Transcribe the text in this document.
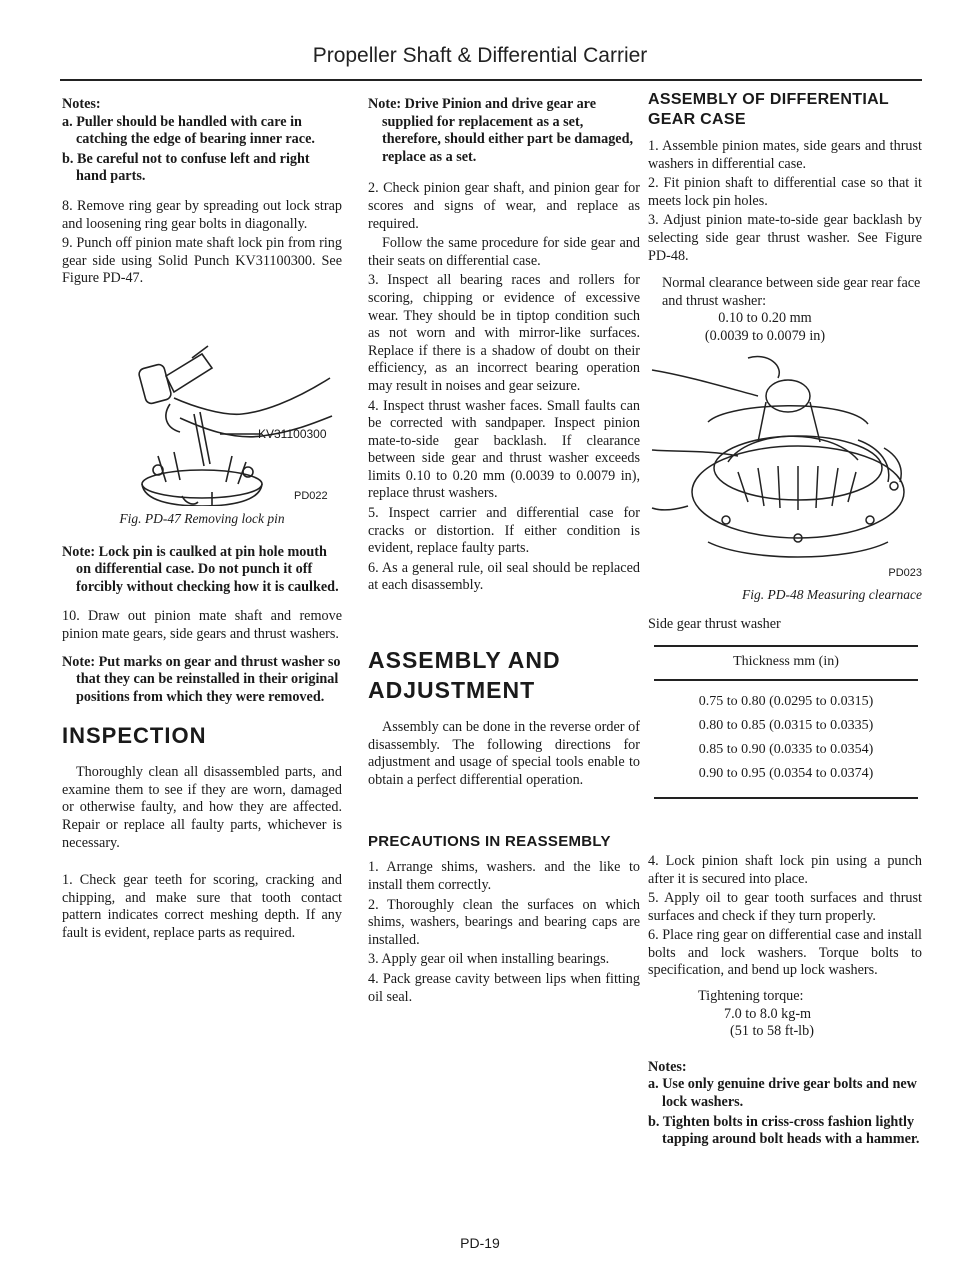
Propeller Shaft & Differential Carrier

Notes:

a. Puller should be handled with care in catching the edge of bearing inner race.

b. Be careful not to confuse left and right hand parts.

8. Remove ring gear by spreading out lock strap and loosening ring gear bolts in diagonally.

9. Punch off pinion mate shaft lock pin from ring gear side using Solid Punch KV31100300. See Figure PD-47.

KV31100300
PD022

Fig. PD-47 Removing lock pin

Note: Lock pin is caulked at pin hole mouth on differential case. Do not punch it off forcibly without checking how it is caulked.

10. Draw out pinion mate shaft and remove pinion mate gears, side gears and thrust washers.

Note: Put marks on gear and thrust washer so that they can be reinstalled in their original positions from which they were removed.

INSPECTION

Thoroughly clean all disassembled parts, and examine them to see if they are worn, damaged or otherwise faulty, and how they are affected. Repair or replace all faulty parts, whichever is necessary.

1. Check gear teeth for scoring, cracking and chipping, and make sure that tooth contact pattern indicates correct meshing depth. If any fault is evident, replace parts as required.

Note: Drive Pinion and drive gear are supplied for replacement as a set, therefore, should either part be damaged, replace as a set.

2. Check pinion gear shaft, and pinion gear for scores and signs of wear, and replace as required.

Follow the same procedure for side gear and their seats on differential case.

3. Inspect all bearing races and rollers for scoring, chipping or evidence of excessive wear. They should be in tiptop condition such as not worn and with mirror-like surfaces. Replace if there is a shadow of doubt on their efficiency, as an incorrect bearing operation may result in noises and gear seizure.

4. Inspect thrust washer faces. Small faults can be corrected with sandpaper. Inspect pinion mate-to-side gear backlash. If clearance between side gear and thrust washer exceeds limits 0.10 to 0.20 mm (0.0039 to 0.0079 in), replace thrust washers.

5. Inspect carrier and differential case for cracks or distortion. If either condition is evident, replace faulty parts.

6. As a general rule, oil seal should be replaced at each disassembly.

ASSEMBLY AND ADJUSTMENT

Assembly can be done in the reverse order of disassembly. The following directions for adjustment and usage of special tools enable to obtain a perfect differential operation.

PRECAUTIONS IN REASSEMBLY

1. Arrange shims, washers. and the like to install them correctly.

2. Thoroughly clean the surfaces on which shims, washers, bearings and bearing caps are installed.

3. Apply gear oil when installing bearings.

4. Pack grease cavity between lips when fitting oil seal.

ASSEMBLY OF DIFFERENTIAL GEAR CASE

1. Assemble pinion mates, side gears and thrust washers in differential case.

2. Fit pinion shaft to differential case so that it meets lock pin holes.

3. Adjust pinion mate-to-side gear backlash by selecting side gear thrust washer. See Figure PD-48.

Normal clearance between side gear rear face and thrust washer:

0.10 to 0.20 mm

(0.0039 to 0.0079 in)

PD023

Fig. PD-48 Measuring clearnace

Side gear thrust washer

Thickness mm (in)
0.75 to 0.80 (0.0295 to 0.0315)
0.80 to 0.85 (0.0315 to 0.0335)
0.85 to 0.90 (0.0335 to 0.0354)
0.90 to 0.95 (0.0354 to 0.0374)

4. Lock pinion shaft lock pin using a punch after it is secured into place.

5. Apply oil to gear tooth surfaces and thrust surfaces and check if they turn properly.

6. Place ring gear on differential case and install bolts and lock washers. Torque bolts to specification, and bend up lock washers.

Tightening torque:

7.0 to 8.0 kg-m

(51 to 58 ft-lb)

Notes:

a. Use only genuine drive gear bolts and new lock washers.

b. Tighten bolts in criss-cross fashion lightly tapping around bolt heads with a hammer.

PD-19
